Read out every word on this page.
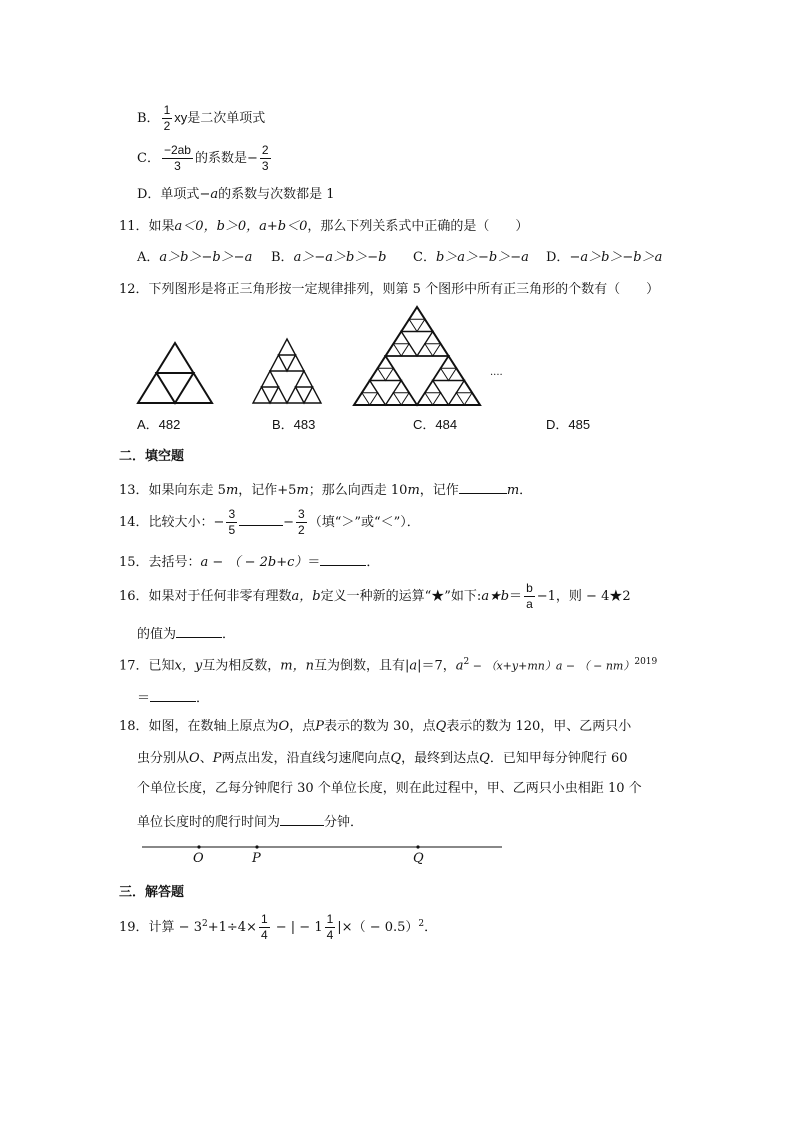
B． $\frac{1}{2}$ xy是二次单项式
C． $\frac{-2ab}{3}$ 的系数是− $\frac{2}{3}$
D．单项式−a的系数与次数都是 1
11．如果a＜0，b＞0，a+b＜0，那么下列关系式中正确的是（　　）
A．a＞b＞−b＞−a B．a＞−a＞b＞−b C．b＞a＞−b＞−a D．−a＞b＞−b＞a
12．下列图形是将正三角形按一定规律排列，则第 5 个图形中所有正三角形的个数有（　　）
....
A．482	B．483	C．484	D．485
二．填空题
13．如果向东走 5m，记作+5m；那么向西走 10m，记作	m．
14．比较大小：− $\frac{3}{5}$	− $\frac{3}{2}$ （填“＞”或“＜”）．
15．去括号：a − （ − 2b+c）＝	．
16．如果对于任何非零有理数a，b定义一种新的运算“★”如下:a★b＝ $\frac{b}{a} -1$，则 − 4★2
的值为	．
17．已知x，y互为相反数，m，n互为倒数，且有|a|＝7，$a^2 - (x+y+mn)a$ − （ − nm）$^{2019}$
＝	．
18．如图，在数轴上原点为O，点P表示的数为 30，点Q表示的数为 120，甲、乙两只小
虫分别从O、P两点出发，沿直线匀速爬向点Q，最终到达点Q．已知甲每分钟爬行 60
个单位长度，乙每分钟爬行 30 个单位长度，则在此过程中，甲、乙两只小虫相距 10 个
单位长度时的爬行时间为	分钟．
O	P	Q
三．解答题
19．计算 − $3^2+1\div 4\times \frac{1}{4}$ − | − $1 \frac{1}{4}$ |×（ − 0.5）$^2$．
